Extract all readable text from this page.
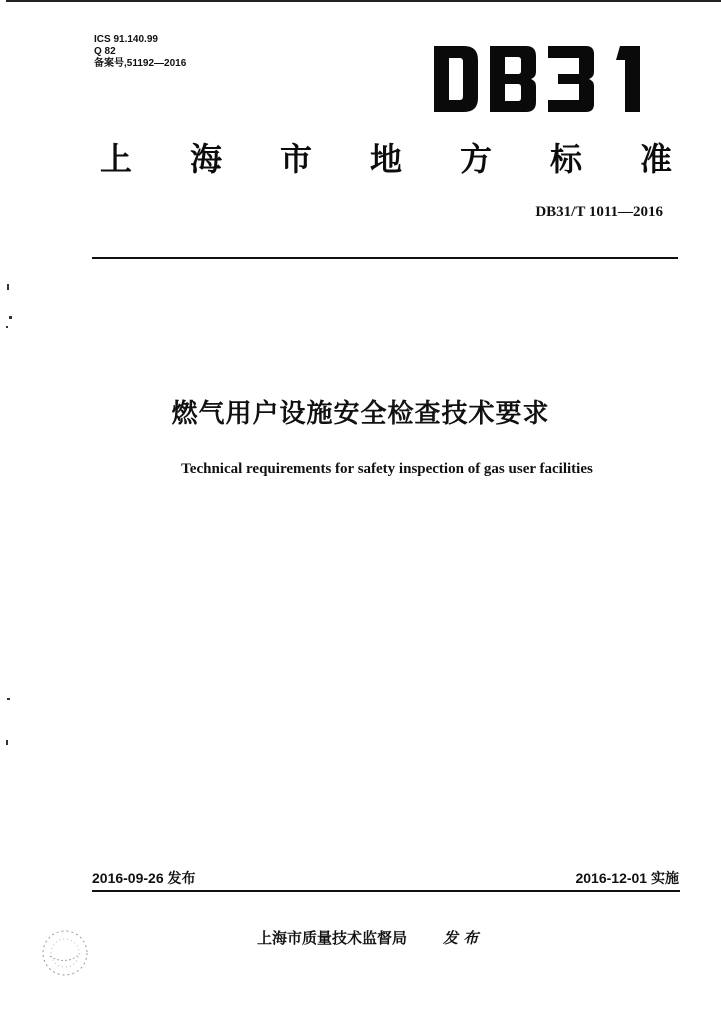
ICS 91.140.99
Q 82
备案号,51192—2016
上	海	市	地	方	标	准
DB31/T 1011—2016
燃气用户设施安全检查技术要求
Technical requirements for safety inspection of gas user facilities
2016-09-26 发布	2016-12-01 实施
上海市质量技术监督局 发 布
